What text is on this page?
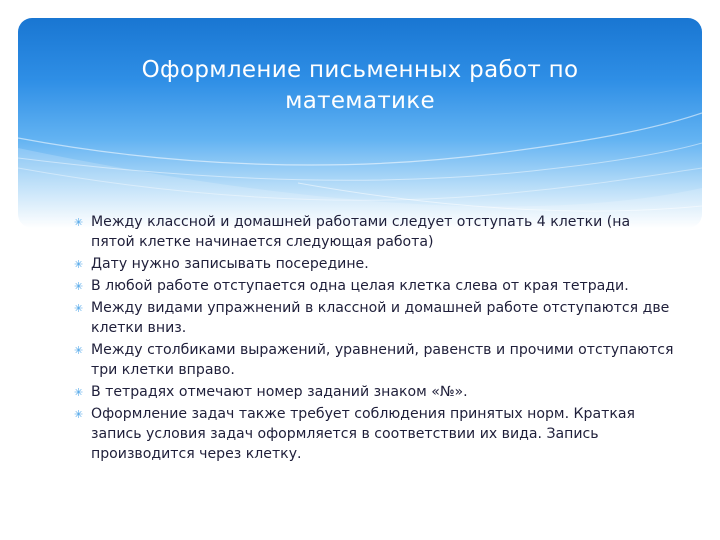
Оформление письменных работ по
математике
✳ Между классной и домашней работами следует отступать 4 клетки (на пятой клетке начинается следующая работа)
✳ Дату нужно записывать посередине.
✳ В любой работе отступается одна целая клетка слева от края тетради.
✳ Между видами упражнений в классной и домашней работе отступаются две клетки вниз.
✳ Между столбиками выражений, уравнений, равенств и прочими отступаются три клетки вправо.
✳ В тетрадях отмечают номер заданий знаком «№».
✳ Оформление задач также требует соблюдения принятых норм. Краткая запись условия задач оформляется в соответствии их вида. Запись производится через клетку.
